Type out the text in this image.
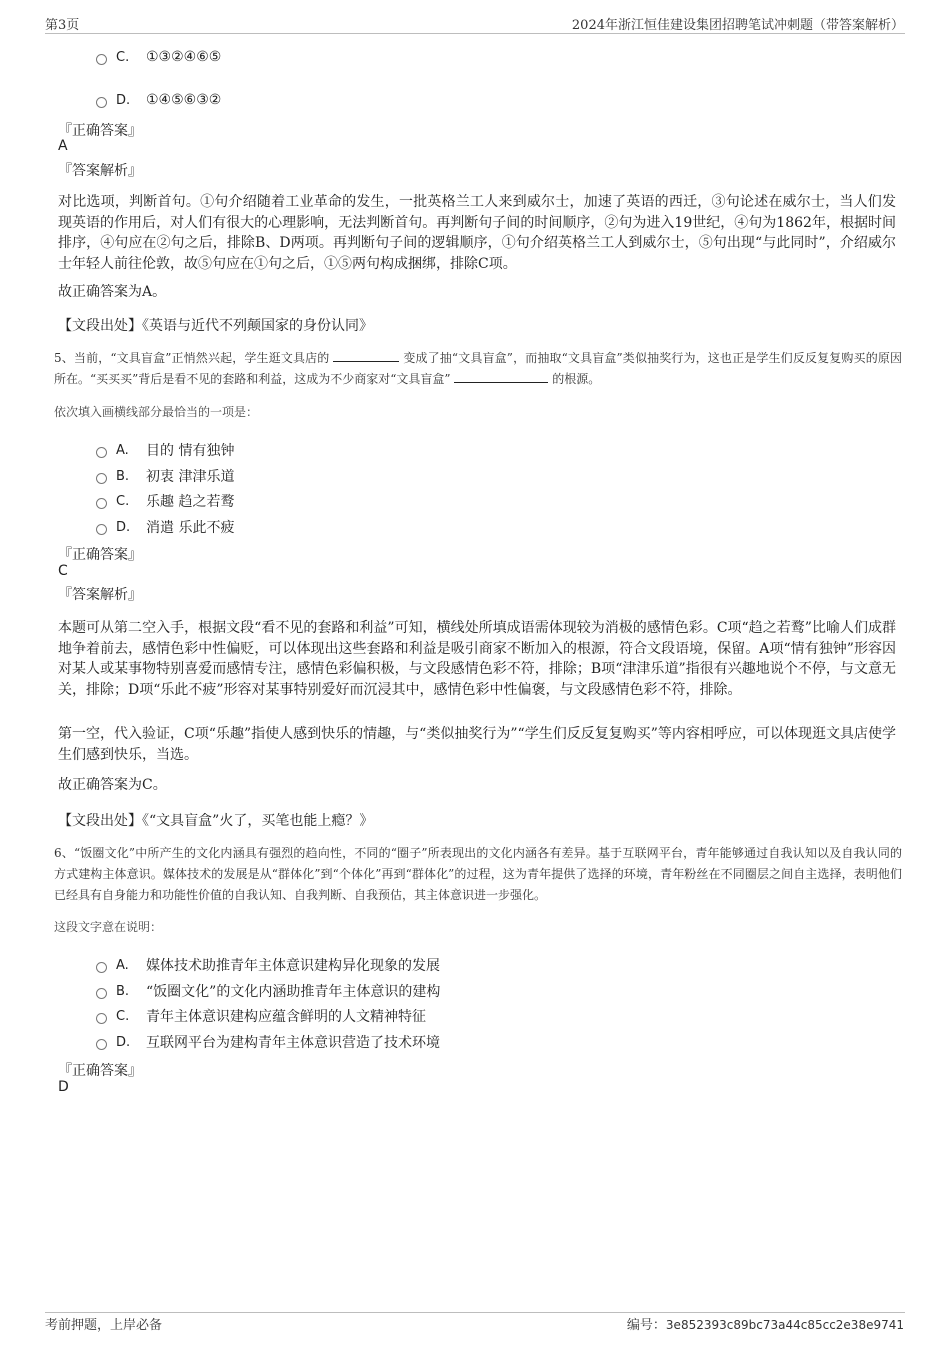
第3页	2024年浙江恒佳建设集团招聘笔试冲刺题（带答案解析）
C.	①③②④⑥⑤
D.	①④⑤⑥③②
『正确答案』
A
『答案解析』

对比选项，判断首句。①句介绍随着工业革命的发生，一批英格兰工人来到威尔士，加速了英语的西迁，③句论述在威尔士，当人们发现英语的作用后，对人们有很大的心理影响，无法判断首句。再判断句子间的时间顺序，②句为进入19世纪，④句为1862年，根据时间排序，④句应在②句之后，排除B、D两项。再判断句子间的逻辑顺序，①句介绍英格兰工人到威尔士，⑤句出现“与此同时”，介绍威尔士年轻人前往伦敦，故⑤句应在①句之后，①⑤两句构成捆绑，排除C项。

故正确答案为A。

【文段出处】《英语与近代不列颠国家的身份认同》

5、当前，“文具盲盒”正悄然兴起，学生逛文具店的	变成了抽“文具盲盒”，而抽取“文具盲盒”类似抽奖行为，这也正是学生们反反复复购买的原因所在。“买买买”背后是看不见的套路和利益，这成为不少商家对“文具盲盒”	的根源。

依次填入画横线部分最恰当的一项是：
A.	目的 情有独钟
B.	初衷 津津乐道
C.	乐趣 趋之若鹜
D.	消遣 乐此不疲
『正确答案』
C
『答案解析』

本题可从第二空入手，根据文段“看不见的套路和利益”可知，横线处所填成语需体现较为消极的感情色彩。C项“趋之若鹜”比喻人们成群地争着前去，感情色彩中性偏贬，可以体现出这些套路和利益是吸引商家不断加入的根源，符合文段语境，保留。A项“情有独钟”形容因对某人或某事物特别喜爱而感情专注，感情色彩偏积极，与文段感情色彩不符，排除；B项“津津乐道”指很有兴趣地说个不停，与文意无关，排除；D项“乐此不疲”形容对某事特别爱好而沉浸其中，感情色彩中性偏褒，与文段感情色彩不符，排除。

第一空，代入验证，C项“乐趣”指使人感到快乐的情趣，与“类似抽奖行为”“学生们反反复复购买”等内容相呼应，可以体现逛文具店使学生们感到快乐，当选。

故正确答案为C。

【文段出处】《“文具盲盒”火了，买笔也能上瘾？》

6、“饭圈文化”中所产生的文化内涵具有强烈的趋向性，不同的“圈子”所表现出的文化内涵各有差异。基于互联网平台，青年能够通过自我认知以及自我认同的方式建构主体意识。媒体技术的发展是从“群体化”到“个体化”再到“群体化”的过程，这为青年提供了选择的环境，青年粉丝在不同圈层之间自主选择，表明他们已经具有自身能力和功能性价值的自我认知、自我判断、自我预估，其主体意识进一步强化。

这段文字意在说明：
A.	媒体技术助推青年主体意识建构异化现象的发展
B.	“饭圈文化”的文化内涵助推青年主体意识的建构
C.	青年主体意识建构应蕴含鲜明的人文精神特征
D.	互联网平台为建构青年主体意识营造了技术环境
『正确答案』
D
考前押题，上岸必备	编号：3e852393c89bc73a44c85cc2e38e9741
